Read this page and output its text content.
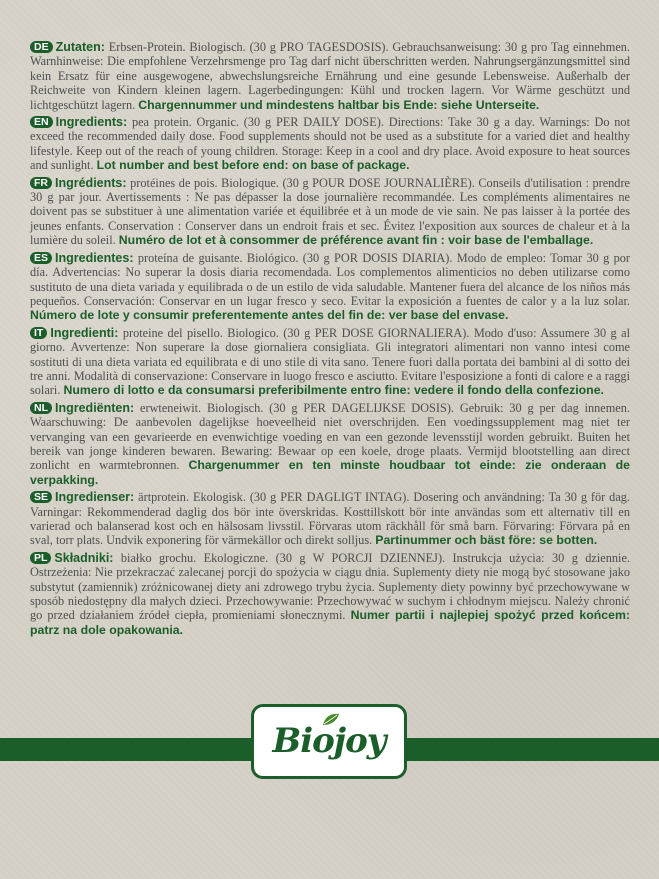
DE Zutaten: Erbsen-Protein. Biologisch. (30 g PRO TAGESDOSIS). Gebrauchsanweisung: 30 g pro Tag einnehmen. Warnhinweise: Die empfohlene Verzehrsmenge pro Tag darf nicht überschritten werden. Nahrungsergänzungsmittel sind kein Ersatz für eine ausgewogene, abwechslungsreiche Ernährung und eine gesunde Lebensweise. Außerhalb der Reichweite von Kindern kleinen lagern. Lagerbedingungen: Kühl und trocken lagern. Vor Wärme geschützt und lichtgeschützt lagern. Chargennummer und mindestens haltbar bis Ende: siehe Unterseite.

EN Ingredients: pea protein. Organic. (30 g PER DAILY DOSE). Directions: Take 30 g a day. Warnings: Do not exceed the recommended daily dose. Food supplements should not be used as a substitute for a varied diet and healthy lifestyle. Keep out of the reach of young children. Storage: Keep in a cool and dry place. Avoid exposure to heat sources and sunlight. Lot number and best before end: on base of package.

FR Ingrédients: protéines de pois. Biologique. (30 g POUR DOSE JOURNALIÈRE). Conseils d'utilisation : prendre 30 g par jour. Avertissements : Ne pas dépasser la dose journalière recommandée. Les compléments alimentaires ne doivent pas se substituer à une alimentation variée et équilibrée et à un mode de vie sain. Ne pas laisser à la portée des jeunes enfants. Conservation : Conserver dans un endroit frais et sec. Évitez l'exposition aux sources de chaleur et à la lumière du soleil. Numéro de lot et à consommer de préférence avant fin : voir base de l'emballage.

ES Ingredientes: proteína de guisante. Biológico. (30 g POR DOSIS DIARIA). Modo de empleo: Tomar 30 g por día. Advertencias: No superar la dosis diaria recomendada. Los complementos alimenticios no deben utilizarse como sustituto de una dieta variada y equilibrada o de un estilo de vida saludable. Mantener fuera del alcance de los niños más pequeños. Conservación: Conservar en un lugar fresco y seco. Evitar la exposición a fuentes de calor y a la luz solar. Número de lote y consumir preferentemente antes del fin de: ver base del envase.

IT Ingredienti: proteine del pisello. Biologico. (30 g PER DOSE GIORNALIERA). Modo d'uso: Assumere 30 g al giorno. Avvertenze: Non superare la dose giornaliera consigliata. Gli integratori alimentari non vanno intesi come sostituti di una dieta variata ed equilibrata e di uno stile di vita sano. Tenere fuori dalla portata dei bambini al di sotto dei tre anni. Modalità di conservazione: Conservare in luogo fresco e asciutto. Evitare l'esposizione a fonti di calore e a raggi solari. Numero di lotto e da consumarsi preferibilmente entro fine: vedere il fondo della confezione.

NL Ingrediënten: erwteneiwit. Biologisch. (30 g PER DAGELIJKSE DOSIS). Gebruik: 30 g per dag innemen. Waarschuwing: De aanbevolen dagelijkse hoeveelheid niet overschrijden. Een voedingssupplement mag niet ter vervanging van een gevarieerde en evenwichtige voeding en van een gezonde levensstijl worden gebruikt. Buiten het bereik van jonge kinderen bewaren. Bewaring: Bewaar op een koele, droge plaats. Vermijd blootstelling aan direct zonlicht en warmtebronnen. Chargenummer en ten minste houdbaar tot einde: zie onderaan de verpakking.

SE Ingredienser: ärtprotein. Ekologisk. (30 g PER DAGLIGT INTAG). Dosering och användning: Ta 30 g för dag. Varningar: Rekommenderad daglig dos bör inte överskridas. Kosttillskott bör inte användas som ett alternativ till en varierad och balanserad kost och en hälsosam livsstil. Förvaras utom räckhåll för små barn. Förvaring: Förvara på en sval, torr plats. Undvik exponering för värmekällor och direkt solljus. Partinummer och bäst före: se botten.

PL Składniki: białko grochu. Ekologiczne. (30 g W PORCJI DZIENNEJ). Instrukcja użycia: 30 g dziennie. Ostrzeżenia: Nie przekraczać zalecanej porcji do spożycia w ciągu dnia. Suplementy diety nie mogą być stosowane jako substytut (zamiennik) zróżnicowanej diety ani zdrowego trybu życia. Suplementy diety powinny być przechowywane w sposób niedostępny dla małych dzieci. Przechowywanie: Przechowywać w suchym i chłodnym miejscu. Należy chronić go przed działaniem źródeł ciepła, promieniami słonecznymi. Numer partii i najlepiej spożyć przed końcem: patrz na dole opakowania.

Biojoy
